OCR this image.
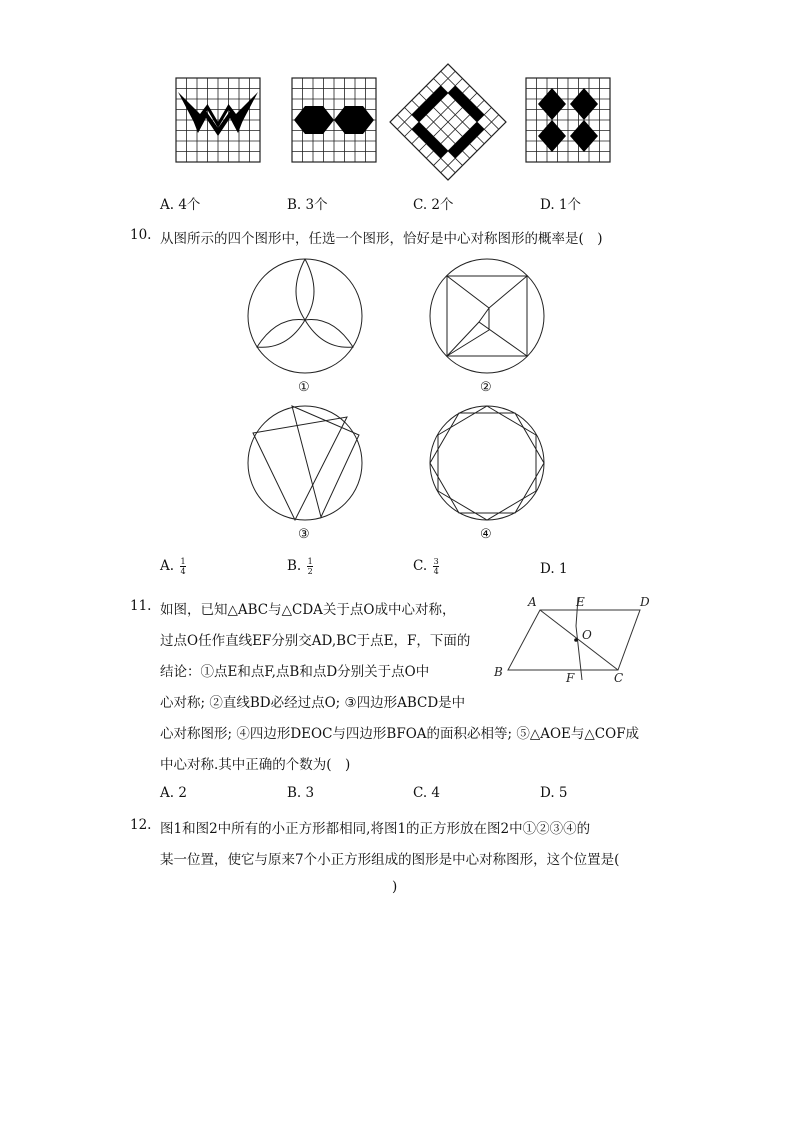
A. 4个	B. 3个	C. 2个	D. 1个
10. 从图所示的四个图形中，任选一个图形，恰好是中心对称图形的概率是(　)
①	②
③	④
A. $\frac{1}{4}$	B. $\frac{1}{2}$	C. $\frac{3}{4}$	D. 1
11. 如图，已知△ABC与△CDA关于点O成中心对称，
过点O任作直线EF分别交AD,BC于点E，F，下面的
结论：①点E和点F,点B和点D分别关于点O中
心对称; ②直线BD必经过点O; ③四边形ABCD是中
心对称图形; ④四边形DEOC与四边形BFOA的面积必相等; ⑤△AOE与△COF成
中心对称.其中正确的个数为(　)
A	E	D
O
B	F	C
A. 2	B. 3	C. 4	D. 5
12. 图1和图2中所有的小正方形都相同,将图1的正方形放在图2中①②③④的
某一位置，使它与原来7个小正方形组成的图形是中心对称图形，这个位置是(
)
